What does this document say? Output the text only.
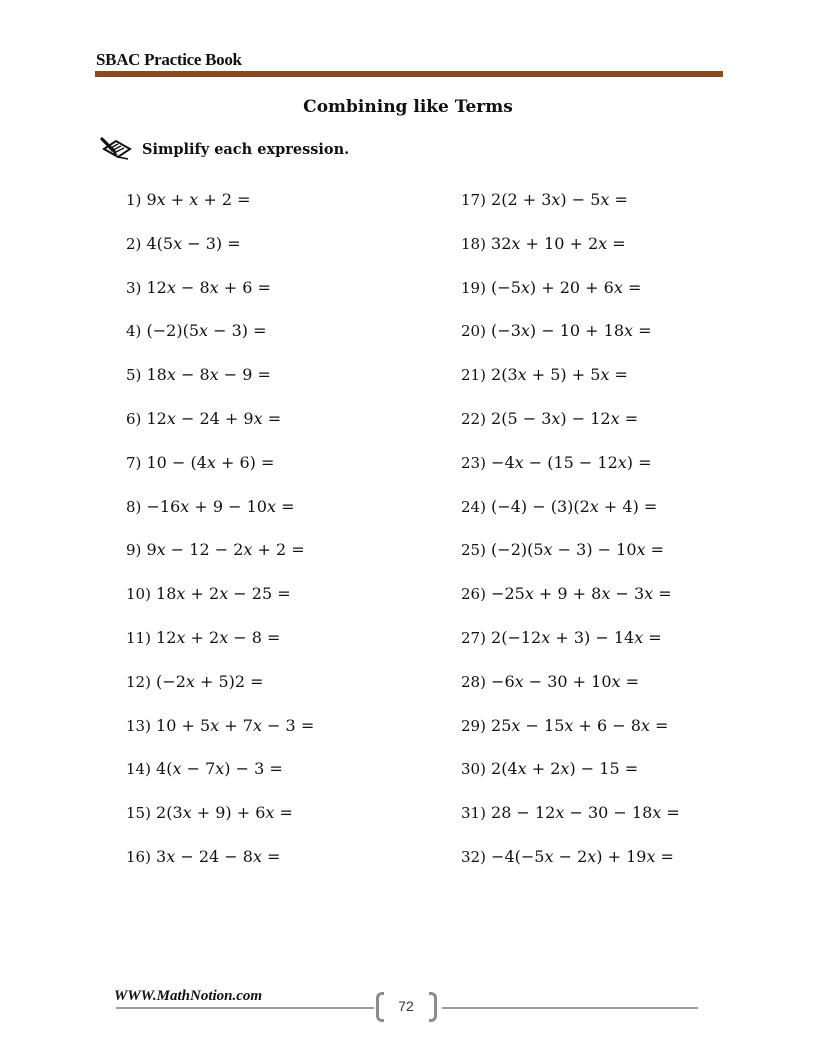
SBAC Practice Book
Combining like Terms
Simplify each expression.
1) 9𝑥 + 𝑥 + 2 =
2) 4(5𝑥 − 3) =
3) 12𝑥 − 8𝑥 + 6 =
4) (−2)(5𝑥 − 3) =
5) 18𝑥 − 8𝑥 − 9 =
6) 12𝑥 − 24 + 9𝑥 =
7) 10 − (4𝑥 + 6) =
8) −16𝑥 + 9 − 10𝑥 =
9) 9𝑥 − 12 − 2𝑥 + 2 =
10) 18𝑥 + 2𝑥 − 25 =
11) 12𝑥 + 2𝑥 − 8 =
12) (−2𝑥 + 5)2 =
13) 10 + 5𝑥 + 7𝑥 − 3 =
14) 4(𝑥 − 7𝑥) − 3 =
15) 2(3𝑥 + 9) + 6𝑥 =
16) 3𝑥 − 24 − 8𝑥 =
17) 2(2 + 3𝑥) − 5𝑥 =
18) 32𝑥 + 10 + 2𝑥 =
19) (−5𝑥) + 20 + 6𝑥 =
20) (−3𝑥) − 10 + 18𝑥 =
21) 2(3𝑥 + 5) + 5𝑥 =
22) 2(5 − 3𝑥) − 12𝑥 =
23) −4𝑥 − (15 − 12𝑥) =
24) (−4) − (3)(2𝑥 + 4) =
25) (−2)(5𝑥 − 3) − 10𝑥 =
26) −25𝑥 + 9 + 8𝑥 − 3𝑥 =
27) 2(−12𝑥 + 3) − 14𝑥 =
28) −6𝑥 − 30 + 10𝑥 =
29) 25𝑥 − 15𝑥 + 6 − 8𝑥 =
30) 2(4𝑥 + 2𝑥) − 15 =
31) 28 − 12𝑥 − 30 − 18𝑥 =
32) −4(−5𝑥 − 2𝑥) + 19𝑥 =
WWW.MathNotion.com
72
